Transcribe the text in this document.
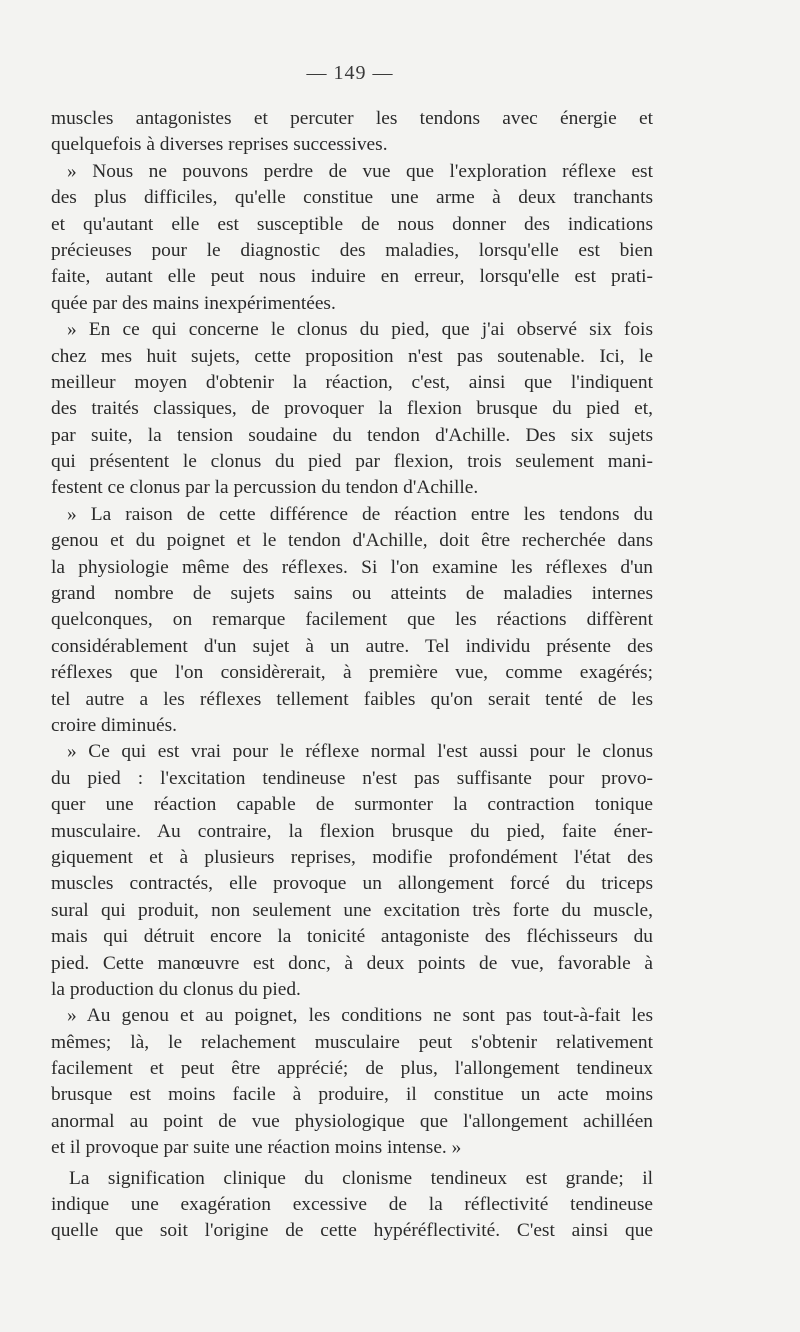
— 149 —
muscles antagonistes et percuter les tendons avec énergie et
quelquefois à diverses reprises successives.
» Nous ne pouvons perdre de vue que l'exploration réflexe est
des plus difficiles, qu'elle constitue une arme à deux tranchants
et qu'autant elle est susceptible de nous donner des indications
précieuses pour le diagnostic des maladies, lorsqu'elle est bien
faite, autant elle peut nous induire en erreur, lorsqu'elle est prati-
quée par des mains inexpérimentées.
» En ce qui concerne le clonus du pied, que j'ai observé six fois
chez mes huit sujets, cette proposition n'est pas soutenable. Ici, le
meilleur moyen d'obtenir la réaction, c'est, ainsi que l'indiquent
des traités classiques, de provoquer la flexion brusque du pied et,
par suite, la tension soudaine du tendon d'Achille. Des six sujets
qui présentent le clonus du pied par flexion, trois seulement mani-
festent ce clonus par la percussion du tendon d'Achille.
» La raison de cette différence de réaction entre les tendons du
genou et du poignet et le tendon d'Achille, doit être recherchée dans
la physiologie même des réflexes. Si l'on examine les réflexes d'un
grand nombre de sujets sains ou atteints de maladies internes
quelconques, on remarque facilement que les réactions diffèrent
considérablement d'un sujet à un autre. Tel individu présente des
réflexes que l'on considèrerait, à première vue, comme exagérés;
tel autre a les réflexes tellement faibles qu'on serait tenté de les
croire diminués.
» Ce qui est vrai pour le réflexe normal l'est aussi pour le clonus
du pied : l'excitation tendineuse n'est pas suffisante pour provo-
quer une réaction capable de surmonter la contraction tonique
musculaire. Au contraire, la flexion brusque du pied, faite éner-
giquement et à plusieurs reprises, modifie profondément l'état des
muscles contractés, elle provoque un allongement forcé du triceps
sural qui produit, non seulement une excitation très forte du muscle,
mais qui détruit encore la tonicité antagoniste des fléchisseurs du
pied. Cette manœuvre est donc, à deux points de vue, favorable à
la production du clonus du pied.
» Au genou et au poignet, les conditions ne sont pas tout-à-fait les
mêmes; là, le relachement musculaire peut s'obtenir relativement
facilement et peut être apprécié; de plus, l'allongement tendineux
brusque est moins facile à produire, il constitue un acte moins
anormal au point de vue physiologique que l'allongement achilléen
et il provoque par suite une réaction moins intense. »
La signification clinique du clonisme tendineux est grande; il
indique une exagération excessive de la réflectivité tendineuse
quelle que soit l'origine de cette hypéréflectivité. C'est ainsi que
